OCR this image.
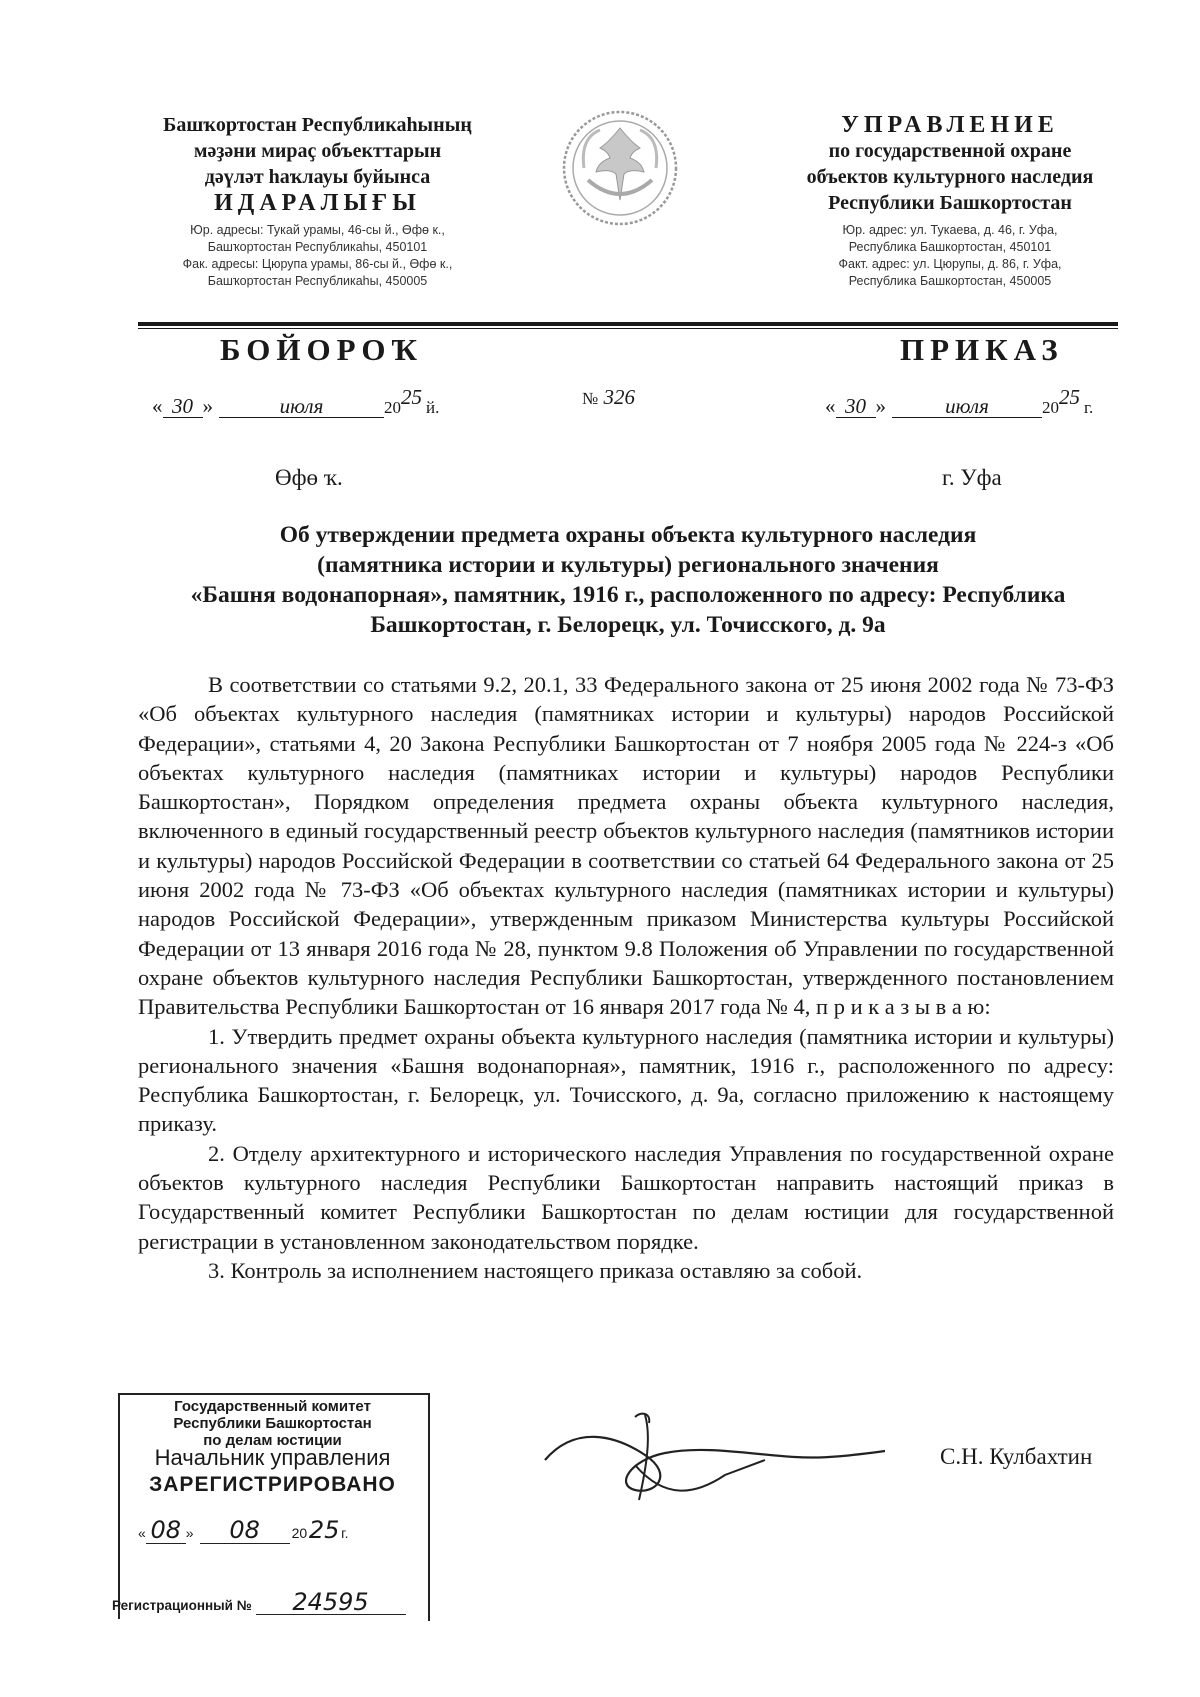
Башҡортостан Республикаһының
мәҙәни мираҫ объекттарын
дәүләт һаҡлауы буйынса
ИДАРАЛЫҒЫ
Юр. адресы: Тукай урамы, 46-сы й., Өфө к.,
Башҡортостан Республикаһы, 450101
Фак. адресы: Цюрупа урамы, 86-сы й., Өфө к.,
Башҡортостан Республикаһы, 450005
УПРАВЛЕНИЕ
по государственной охране
объектов культурного наследия
Республики Башкортостан
Юр. адрес: ул. Тукаева, д. 46, г. Уфа,
Республика Башкортостан, 450101
Факт. адрес: ул. Цюрупы, д. 86, г. Уфа,
Республика Башкортостан, 450005
БОЙОРОҠ	ПРИКАЗ
« 30 »	июля	$20^{25}$ й.	№ 326	« 30 »	июля	$20^{25}$ г.
Өфө ҡ.	г. Уфа
Об утверждении предмета охраны объекта культурного наследия
(памятника истории и культуры) регионального значения
«Башня водонапорная», памятник, 1916 г., расположенного по адресу: Республика
Башкортостан, г. Белорецк, ул. Точисского, д. 9а

В соответствии со статьями 9.2, 20.1, 33 Федерального закона от 25 июня 2002 года № 73-ФЗ «Об объектах культурного наследия (памятниках истории и культуры) народов Российской Федерации», статьями 4, 20 Закона Республики Башкортостан от 7 ноября 2005 года № 224-з «Об объектах культурного наследия (памятниках истории и культуры) народов Республики Башкортостан», Порядком определения предмета охраны объекта культурного наследия, включенного в единый государственный реестр объектов культурного наследия (памятников истории и культуры) народов Российской Федерации в соответствии со статьей 64 Федерального закона от 25 июня 2002 года № 73-ФЗ «Об объектах культурного наследия (памятниках истории и культуры) народов Российской Федерации», утвержденным приказом Министерства культуры Российской Федерации от 13 января 2016 года № 28, пунктом 9.8 Положения об Управлении по государственной охране объектов культурного наследия Республики Башкортостан, утвержденного постановлением Правительства Республики Башкортостан от 16 января 2017 года № 4, п р и к а з ы в а ю:

1. Утвердить предмет охраны объекта культурного наследия (памятника истории и культуры) регионального значения «Башня водонапорная», памятник, 1916 г., расположенного по адресу: Республика Башкортостан, г. Белорецк, ул. Точисского, д. 9а, согласно приложению к настоящему приказу.

2. Отделу архитектурного и исторического наследия Управления по государственной охране объектов культурного наследия Республики Башкортостан направить настоящий приказ в Государственный комитет Республики Башкортостан по делам юстиции для государственной регистрации в установленном законодательством порядке.

3. Контроль за исполнением настоящего приказа оставляю за собой.

С.Н. Кулбахтин
Государственный комитет
Республики Башкортостан
по делам юстиции
Начальник управления
ЗАРЕГИСТРИРОВАНО
« 08 » 08 2025 г.
Регистрационный № 24595
